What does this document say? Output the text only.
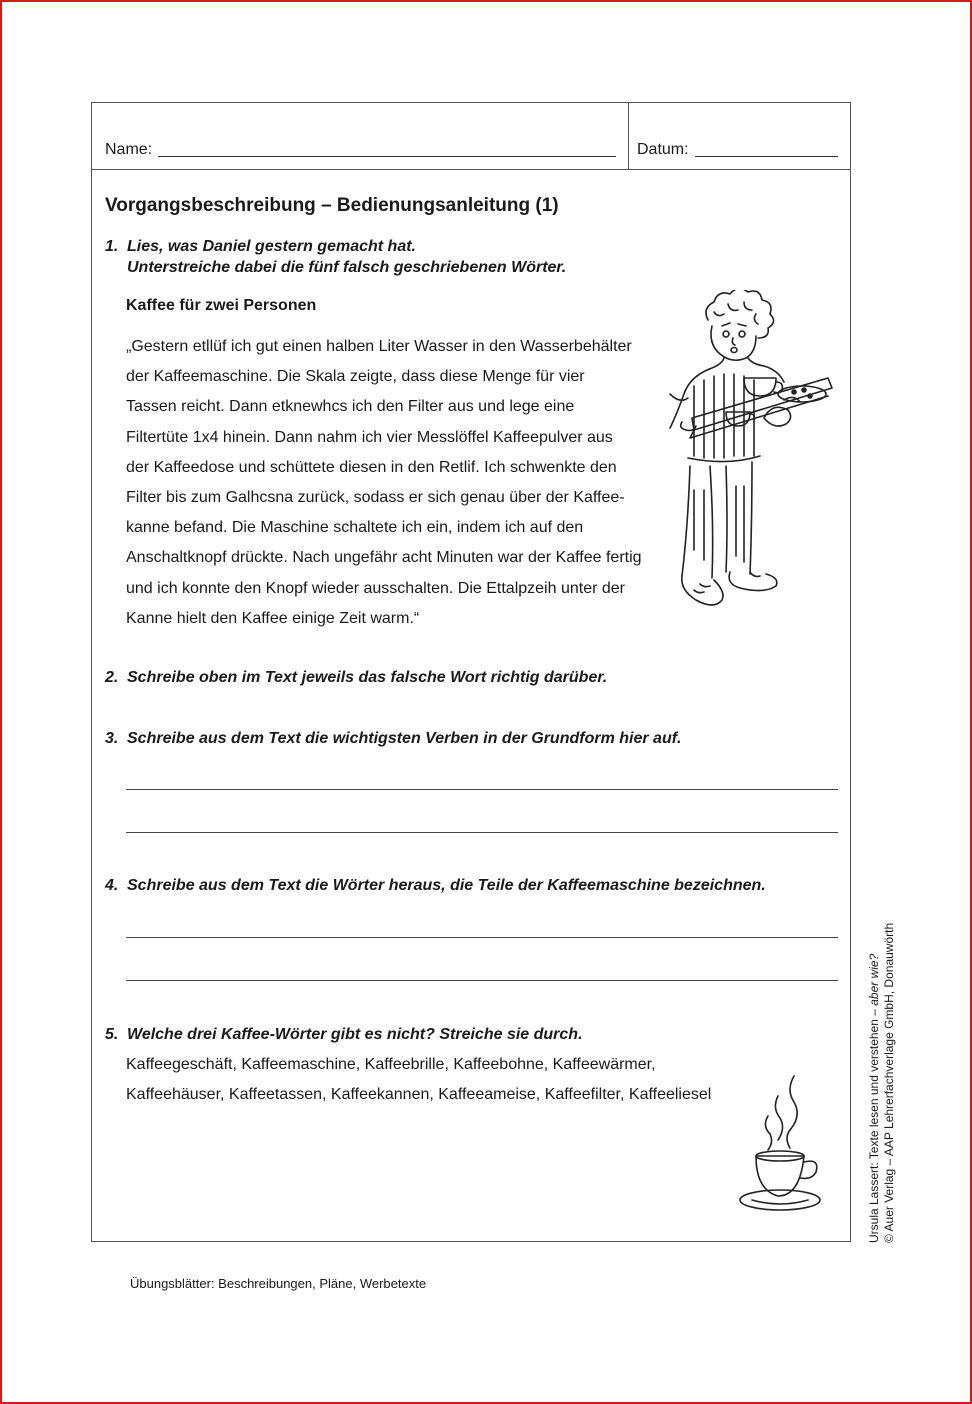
Name:	Datum:
Vorgangsbeschreibung – Bedienungsanleitung (1)
1. Lies, was Daniel gestern gemacht hat.
Unterstreiche dabei die fünf falsch geschriebenen Wörter.
Kaffee für zwei Personen
„Gestern etllüf ich gut einen halben Liter Wasser in den Wasserbehälter
der Kaffeemaschine. Die Skala zeigte, dass diese Menge für vier
Tassen reicht. Dann etknewhcs ich den Filter aus und lege eine
Filtertüte 1x4 hinein. Dann nahm ich vier Messlöffel Kaffeepulver aus
der Kaffeedose und schüttete diesen in den Retlif. Ich schwenkte den
Filter bis zum Galhcsna zurück, sodass er sich genau über der Kaffee-
kanne befand. Die Maschine schaltete ich ein, indem ich auf den
Anschaltknopf drückte. Nach ungefähr acht Minuten war der Kaffee fertig
und ich konnte den Knopf wieder ausschalten. Die Ettalpzeih unter der
Kanne hielt den Kaffee einige Zeit warm.“
2. Schreibe oben im Text jeweils das falsche Wort richtig darüber.
3. Schreibe aus dem Text die wichtigsten Verben in der Grundform hier auf.
4. Schreibe aus dem Text die Wörter heraus, die Teile der Kaffeemaschine bezeichnen.
5. Welche drei Kaffee-Wörter gibt es nicht? Streiche sie durch.
Kaffeegeschäft, Kaffeemaschine, Kaffeebrille, Kaffeebohne, Kaffeewärmer,
Kaffeehäuser, Kaffeetassen, Kaffeekannen, Kaffeeameise, Kaffeefilter, Kaffeeliesel
Übungsblätter: Beschreibungen, Pläne, Werbetexte
Ursula Lassert: Texte lesen und verstehen – aber wie? © Auer Verlag – AAP Lehrerfachverlage GmbH, Donauwörth
